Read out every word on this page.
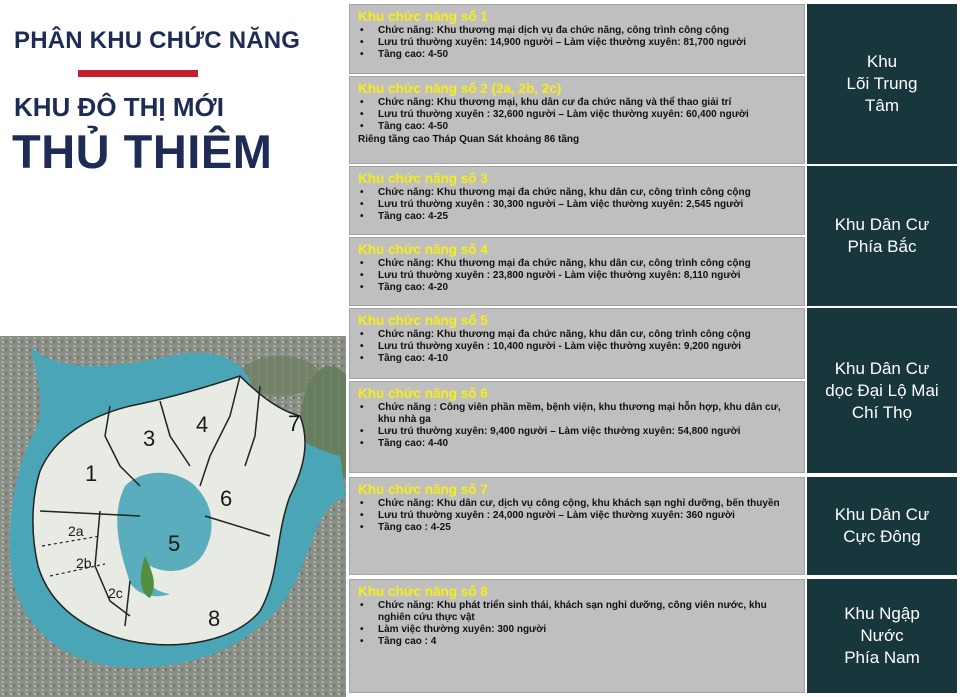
PHÂN KHU CHỨC NĂNG
KHU ĐÔ THỊ MỚI
THỦ THIÊM
1
2a
2b
2c
3
4
5
6
7
8
Khu chức năng số 1
• Chức năng: Khu thương mại dịch vụ đa chức năng, công trình công cộng
• Lưu trú thường xuyên: 14,900 người – Làm việc thường xuyên: 81,700 người
• Tầng cao: 4-50
Khu chức năng số 2 (2a, 2b, 2c)
• Chức năng: Khu thương mại, khu dân cư đa chức năng và thể thao giải trí
• Lưu trú thường xuyên : 32,600 người – Làm việc thường xuyên: 60,400 người
• Tầng cao: 4-50
Riêng tầng cao Tháp Quan Sát khoảng 86 tầng
Khu chức năng số 3
• Chức năng: Khu thương mại đa chức năng, khu dân cư, công trình công cộng
• Lưu trú thường xuyên : 30,300 người – Làm việc thường xuyên: 2,545 người
• Tầng cao: 4-25
Khu chức năng số 4
• Chức năng: Khu thương mại đa chức năng, khu dân cư, công trình công cộng
• Lưu trú thường xuyên : 23,800 người - Làm việc thường xuyên: 8,110 người
• Tầng cao: 4-20
Khu chức năng số 5
• Chức năng: Khu thương mại đa chức năng, khu dân cư, công trình công cộng
• Lưu trú thường xuyên : 10,400 người - Làm việc thường xuyên: 9,200 người
• Tầng cao: 4-10
Khu chức năng số 6
• Chức năng : Công viên phần mềm, bệnh viện, khu thương mại hỗn hợp, khu dân cư, khu nhà ga
• Lưu trú thường xuyên: 9,400 người – Làm việc thường xuyên: 54,800 người
• Tầng cao: 4-40
Khu chức năng số 7
• Chức năng: Khu dân cư, dịch vụ công cộng, khu khách sạn nghỉ dưỡng, bến thuyền
• Lưu trú thường xuyên : 24,000 người – Làm việc thường xuyên: 360 người
• Tầng cao : 4-25
Khu chức năng số 8
• Chức năng: Khu phát triển sinh thái, khách sạn nghỉ dưỡng, công viên nước, khu nghiên cứu thực vật
• Làm việc thường xuyên: 300 người
• Tầng cao : 4
Khu
Lõi Trung
Tâm
Khu Dân Cư
Phía Bắc
Khu Dân Cư
dọc Đại Lộ Mai
Chí Thọ
Khu Dân Cư
Cực Đông
Khu Ngập
Nước
Phía Nam
